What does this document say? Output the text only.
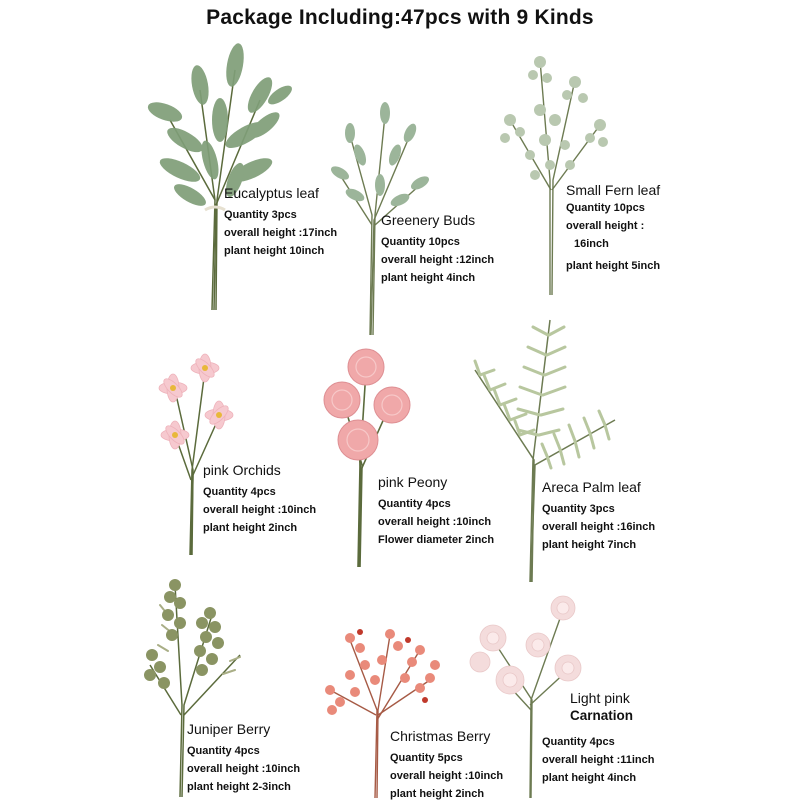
Package Including:47pcs with 9 Kinds
Eucalyptus leaf
Quantity 3pcs
overall height :17inch
plant height 10inch
Greenery Buds
Quantity 10pcs
overall height :12inch
plant height 4inch
Small Fern leaf
Quantity 10pcs
overall height :
16inch
plant height 5inch
pink Orchids
Quantity 4pcs
overall height :10inch
plant height 2inch
pink Peony
Quantity 4pcs
overall height :10inch
Flower diameter 2inch
Areca Palm leaf
Quantity 3pcs
overall height :16inch
plant height 7inch
Juniper Berry
Quantity 4pcs
overall height :10inch
plant height 2-3inch
Christmas Berry
Quantity 5pcs
overall height :10inch
plant height 2inch
Light pink
Carnation
Quantity 4pcs
overall height :11inch
plant height 4inch
